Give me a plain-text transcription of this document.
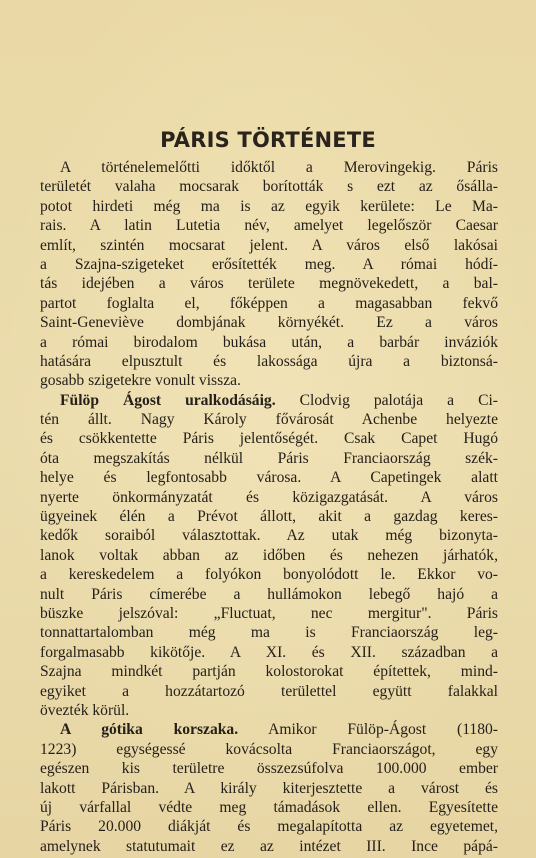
PÁRIS TÖRTÉNETE
A történelemelőtti időktől a Merovingekig. Páris
területét valaha mocsarak borították s ezt az ősálla-
potot hirdeti még ma is az egyik kerülete: Le Ma-
rais. A latin Lutetia név, amelyet legelőször Caesar
említ, szintén mocsarat jelent. A város első lakósai
a Szajna-szigeteket erősítették meg. A római hódí-
tás idejében a város területe megnövekedett, a bal-
partot foglalta el, főképpen a magasabban fekvő
Saint-Geneviève dombjának környékét. Ez a város
a római birodalom bukása után, a barbár inváziók
hatására elpusztult és lakossága újra a biztonsá-
gosabb szigetekre vonult vissza.
Fülöp Ágost uralkodásáig. Clodvig palotája a Ci-
tén állt. Nagy Károly fővárosát Achenbe helyezte
és csökkentette Páris jelentőségét. Csak Capet Hugó
óta megszakítás nélkül Páris Franciaország szék-
helye és legfontosabb városa. A Capetingek alatt
nyerte önkormányzatát és közigazgatását. A város
ügyeinek élén a Prévot állott, akit a gazdag keres-
kedők soraiból választottak. Az utak még bizonyta-
lanok voltak abban az időben és nehezen járhatók,
a kereskedelem a folyókon bonyolódott le. Ekkor vo-
nult Páris címerébe a hullámokon lebegő hajó a
büszke jelszóval: „Fluctuat, nec mergitur". Páris
tonnattartalomban még ma is Franciaország leg-
forgalmasabb kikötője. A XI. és XII. században a
Szajna mindkét partján kolostorokat építettek, mind-
egyiket a hozzátartozó területtel együtt falakkal
övezték körül.
A gótika korszaka. Amikor Fülöp-Ágost (1180-
1223) egységessé kovácsolta Franciaországot, egy
egészen kis területre összezsúfolva 100.000 ember
lakott Párisban. A király kiterjesztette a várost és
új várfallal védte meg támadások ellen. Egyesítette
Páris 20.000 diákját és megalapította az egyetemet,
amelynek statutumait ez az intézet III. Ince pápá-
